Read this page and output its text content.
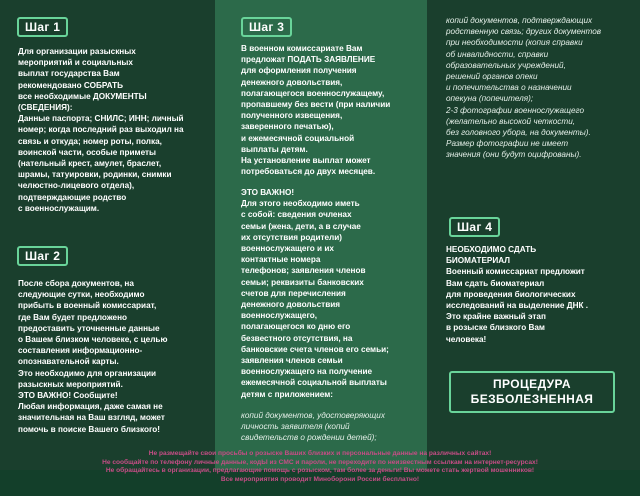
Шаг 1

Для организации разыскных
мероприятий и социальных
выплат государства Вам
рекомендовано СОБРАТЬ
все необходимые ДОКУМЕНТЫ
(СВЕДЕНИЯ):
Данные паспорта; СНИЛС; ИНН; личный
номер; когда последний раз выходил на
связь и откуда; номер роты, полка,
воинской части, особые приметы
(нательный крест, амулет, браслет,
шрамы, татуировки, родинки, снимки
челюстно-лицевого отдела),
подтверждающие родство
с военнослужащим.

Шаг 2

После сбора документов, на
следующие сутки, необходимо
прибыть в военный комиссариат,
где Вам будет предложено
предоставить уточненные данные
о Вашем близком человеке, с целью
составления информационно-
опознавательной карты.
Это необходимо для организации
разыскных мероприятий.
ЭТО ВАЖНО! Сообщите!
Любая информация, даже самая не
значительная на Ваш взгляд, может
помочь в поиске Вашего близкого!

Шаг 3

В военном комиссариате Вам
предложат ПОДАТЬ ЗАЯВЛЕНИЕ
для оформления получения
денежного довольствия,
полагающегося военнослужащему,
пропавшему без вести (при наличии
полученного извещения,
заверенного печатью),
и ежемесячной социальной
выплаты детям.
На установление выплат может
потребоваться до двух месяцев.

ЭТО ВАЖНО!
Для этого необходимо иметь
с собой: сведения очленах
семьи (жена, дети, а в случае
их отсутствия родители)
военнослужащего и их
контактные номера
телефонов; заявления членов
семьи; реквизиты банковских
счетов для перечисления
денежного довольствия
военнослужащего,
полагающегося ко дню его
безвестного отсутствия, на
банковские счета членов его семьи;
заявления членов семьи
военнослужащего на получение
ежемесячной социальной выплаты
детям с приложением:

копий документов, удостоверяющих
личность заявителя (копий
свидетельств о рождении детей);

копий документов, подтверждающих
родственную связь; других документов
при необходимости (копия справки
об инвалидности, справки
образовательных учреждений,
решений органов опеки
и попечительства о назначении
опекуна (попечителя);
2-3 фотографии военнослужащего
(желательно высокой четкости,
без головного убора, на документы).
Размер фотографии не имеет
значения (они будут оцифрованы).

Шаг 4

НЕОБХОДИМО СДАТЬ
БИОМАТЕРИАЛ
Военный комиссариат предложит
Вам сдать биоматериал
для проведения биологических
исследований на выделение ДНК .
Это крайне важный этап
в розыске близкого Вам
человека!

ПРОЦЕДУРА
БЕЗБОЛЕЗНЕННАЯ
Не размещайте свои просьбы о розыске Ваших близких и персональные данные на различных сайтах!
Не сообщайте по телефону личные данные, кодЫ из СМС и пароли, не переходите по неизвестным ссылкам на интернет-ресурсах!
Не обращайтесь в организации, предлагающие помощь с розыском, там более за деньги! Вы можете стать жертвой мошенников!
Все мероприятия проводит Миноборони России бесплатно!
